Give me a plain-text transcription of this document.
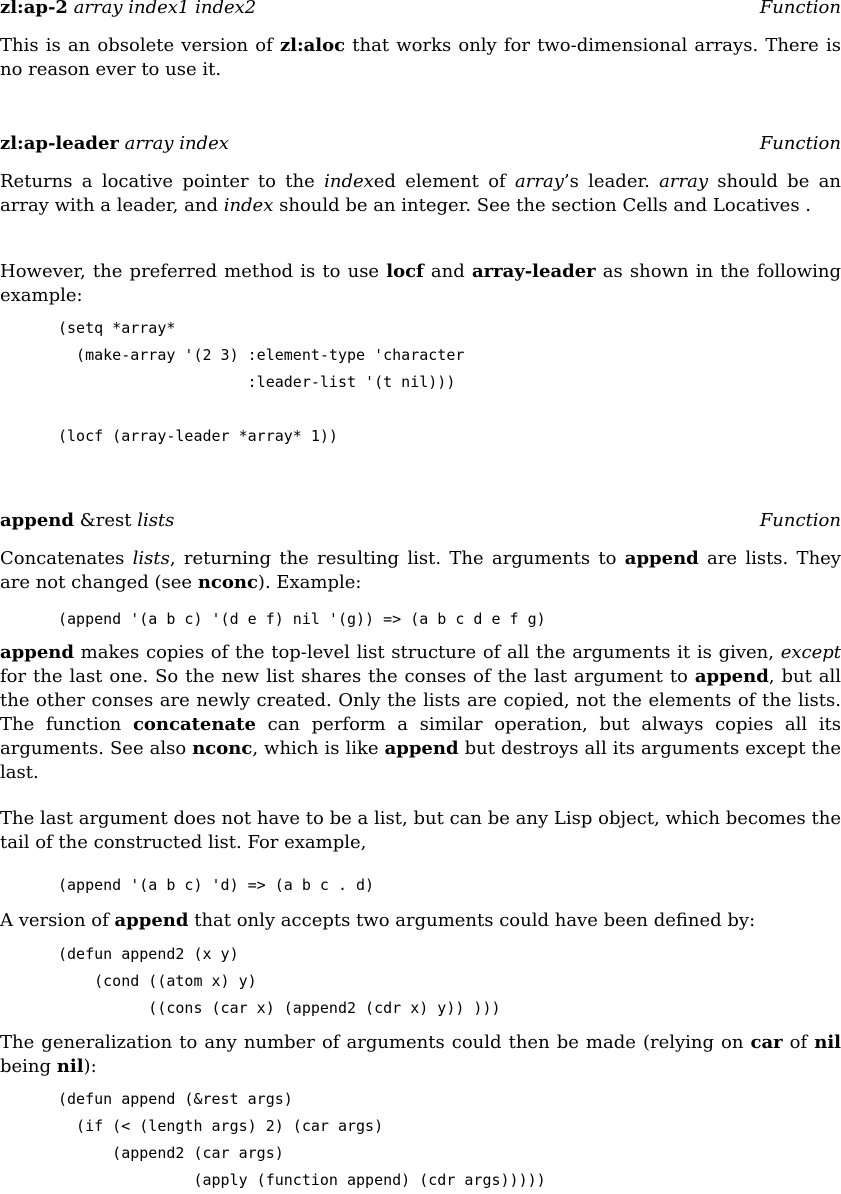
zl:ap-2 array index1 index2	Function
This is an obsolete version of zl:aloc that works only for two-dimensional arrays. There is no reason ever to use it.
zl:ap-leader array index	Function
Returns a locative pointer to the indexed element of array’s leader. array should be an array with a leader, and index should be an integer. See the section Cells and Locatives .
However, the preferred method is to use locf and array-leader as shown in the following example:
(setq *array*
(make-array '(2 3) :element-type 'character
:leader-list '(t nil)))
(locf (array-leader *array* 1))
append &rest lists	Function
Concatenates lists, returning the resulting list. The arguments to append are lists. They are not changed (see nconc). Example:
(append '(a b c) '(d e f) nil '(g)) => (a b c d e f g)
append makes copies of the top-level list structure of all the arguments it is given, except for the last one. So the new list shares the conses of the last argument to append, but all the other conses are newly created. Only the lists are copied, not the elements of the lists. The function concatenate can perform a similar operation, but always copies all its arguments. See also nconc, which is like append but destroys all its arguments except the last.
The last argument does not have to be a list, but can be any Lisp object, which becomes the tail of the constructed list. For example,
(append '(a b c) 'd) => (a b c . d)
A version of append that only accepts two arguments could have been defined by:
(defun append2 (x y)
(cond ((atom x) y)
((cons (car x) (append2 (cdr x) y)) )))
The generalization to any number of arguments could then be made (relying on car of nil being nil):
(defun append (&rest args)
(if (< (length args) 2) (car args)
(append2 (car args)
(apply (function append) (cdr args)))))
